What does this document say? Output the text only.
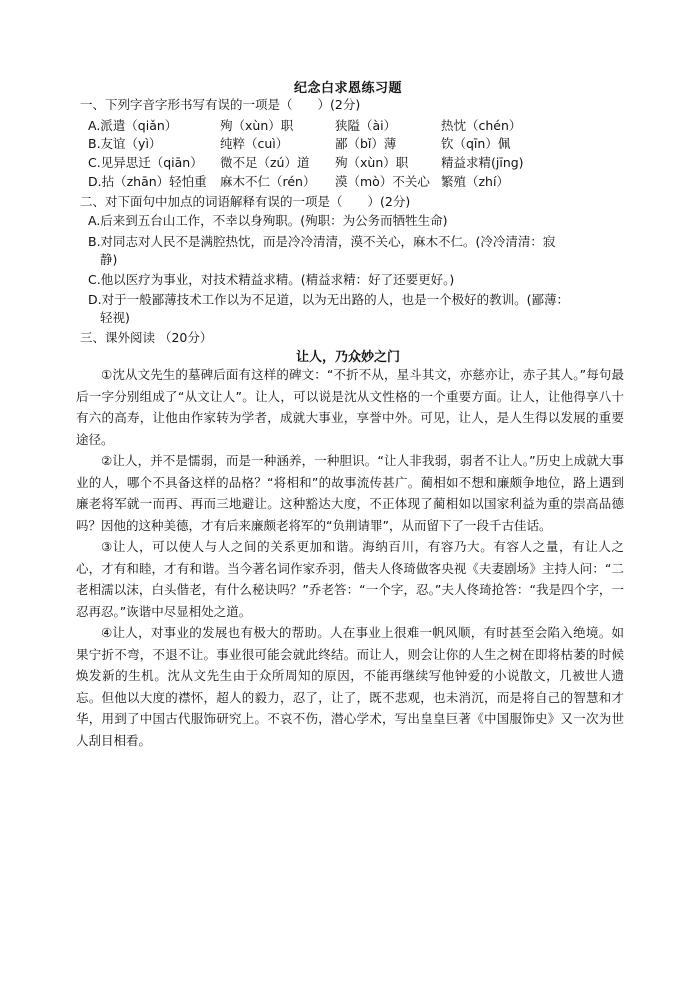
纪念白求恩练习题
一、下列字音字形书写有误的一项是（　　）(2分)
A.派遣（qiǎn）	殉（xùn）职	狭隘（ài）	热忱（chén）
B.友谊（yì）	纯粹（cuì）	鄙（bǐ）薄	钦（qīn）佩
C.见异思迁（qiān） 微不足（zú）道 殉（xùn）职	精益求精(jīng)
D.拈（zhān）轻怕重 麻木不仁（rén） 漠（mò）不关心 繁殖（zhí）
二、对下面句中加点的词语解释有误的一项是（　　）(2分)
A.后来到五台山工作，不幸以身殉职。(殉职：为公务而牺牲生命)
B.对同志对人民不是满腔热忱，而是冷冷清清，漠不关心，麻木不仁。(冷冷清清：寂
静)
C.他以医疗为事业，对技术精益求精。(精益求精：好了还要更好。)
D.对于一般鄙薄技术工作以为不足道，以为无出路的人，也是一个极好的教训。(鄙薄：
轻视)
三、课外阅读 （20分）
让人，乃众妙之门

①沈从文先生的墓碑后面有这样的碑文：“不折不从，星斗其文，亦慈亦让，赤子其人。”每句最后一字分别组成了“从文让人”。让人，可以说是沈从文性格的一个重要方面。让人，让他得享八十有六的高寿，让他由作家转为学者，成就大事业，享誉中外。可见，让人，是人生得以发展的重要途径。

②让人，并不是懦弱，而是一种涵养，一种胆识。“让人非我弱，弱者不让人。”历史上成就大事业的人，哪个不具备这样的品格？“将相和”的故事流传甚广。蔺相如不想和廉颇争地位，路上遇到廉老将军就一而再、再而三地避让。这种豁达大度，不正体现了蔺相如以国家利益为重的崇高品德吗？因他的这种美德，才有后来廉颇老将军的“负荆请罪”，从而留下了一段千古佳话。

③让人，可以使人与人之间的关系更加和谐。海纳百川，有容乃大。有容人之量，有让人之心，才有和睦，才有和谐。当今著名词作家乔羽，偕夫人佟琦做客央视《夫妻剧场》主持人问：“二老相濡以沫，白头偕老，有什么秘诀吗？”乔老答：“一个字，忍。”夫人佟琦抢答：“我是四个字，一忍再忍。”诙谐中尽显相处之道。

④让人，对事业的发展也有极大的帮助。人在事业上很难一帆风顺，有时甚至会陷入绝境。如果宁折不弯，不退不让。事业很可能会就此终结。而让人，则会让你的人生之树在即将枯萎的时候焕发新的生机。沈从文先生由于众所周知的原因，不能再继续写他钟爱的小说散文，几被世人遗忘。但他以大度的襟怀，超人的毅力，忍了，让了，既不悲观，也未消沉，而是将自己的智慧和才华，用到了中国古代服饰研究上。不哀不伤，潜心学术，写出皇皇巨著《中国服饰史》又一次为世人刮目相看。
